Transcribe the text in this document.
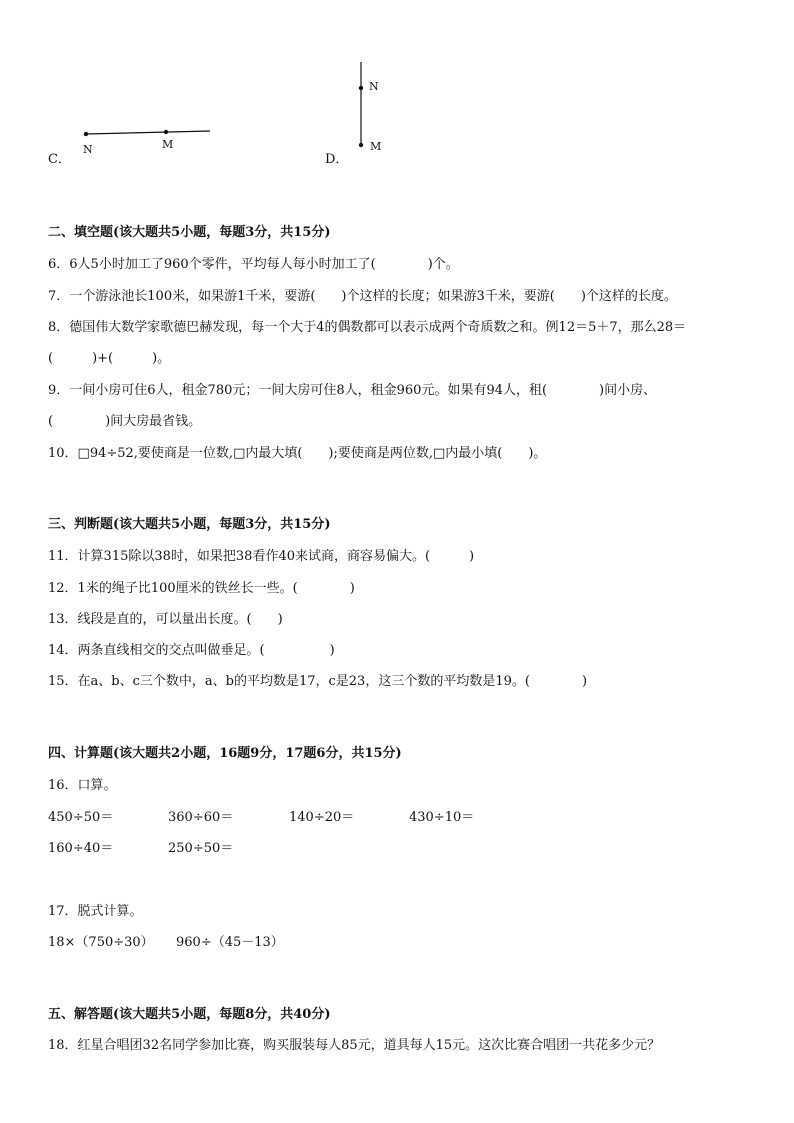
C．
N	M
D．
N
M
二、填空题(该大题共5小题，每题3分，共15分)
6．6人5小时加工了960个零件，平均每人每小时加工了(　　　　)个。
7．一个游泳池长100米，如果游1千米，要游(　　)个这样的长度；如果游3千米，要游(　　)个这样的长度。
8．德国伟大数学家歌德巴赫发现，每一个大于4的偶数都可以表示成两个奇质数之和。例12＝5＋7，那么28＝
(　　　)+(　　　)。
9．一间小房可住6人，租金780元；一间大房可住8人，租金960元。如果有94人，租(　　　　)间小房、
(　　　　)间大房最省钱。
10．□94÷52,要使商是一位数,□内最大填(　　);要使商是两位数,□内最小填(　　)。
三、判断题(该大题共5小题，每题3分，共15分)
11．计算315除以38时，如果把38看作40来试商，商容易偏大。(　　　)
12．1米的绳子比100厘米的铁丝长一些。(　　　　)
13．线段是直的，可以量出长度。(　　)
14．两条直线相交的交点叫做垂足。(　　　　　)
15．在a、b、c三个数中，a、b的平均数是17，c是23，这三个数的平均数是19。(　　　　)
四、计算题(该大题共2小题，16题9分，17题6分，共15分)
16．口算。
450÷50＝	360÷60＝	140÷20＝	430÷10＝
160÷40＝	250÷50＝
17．脱式计算。
18×（750÷30） 960÷（45－13）
五、解答题(该大题共5小题，每题8分，共40分)
18．红星合唱团32名同学参加比赛，购买服装每人85元，道具每人15元。这次比赛合唱团一共花多少元？
